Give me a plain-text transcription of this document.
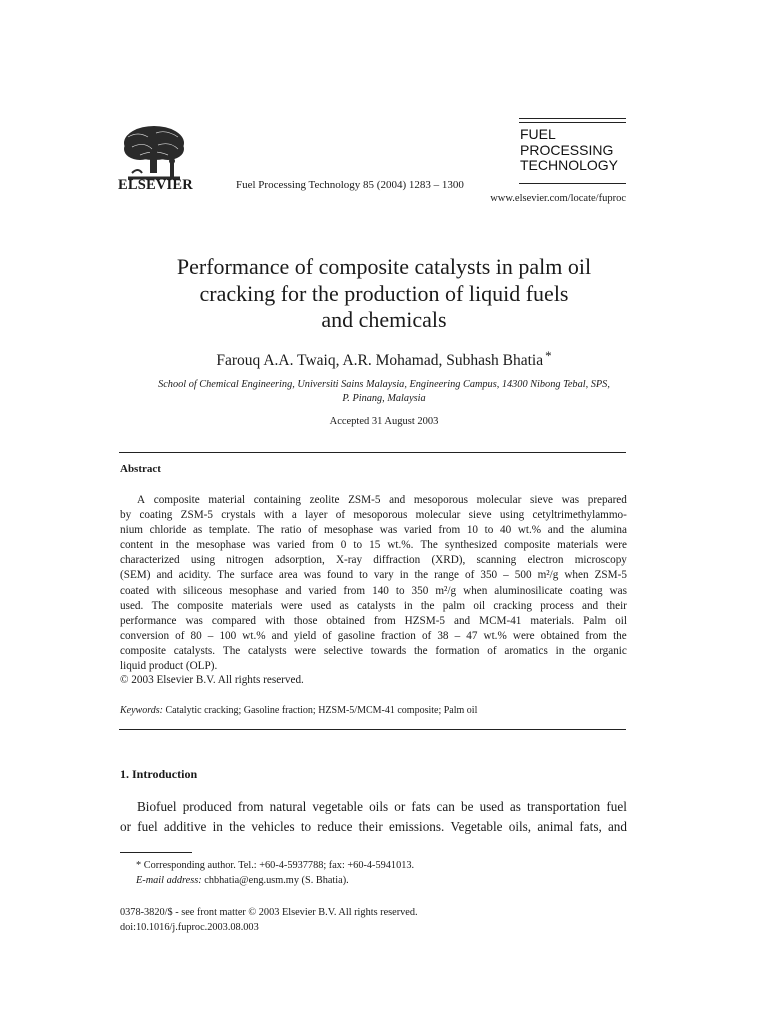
ELSEVIER	Fuel Processing Technology 85 (2004) 1283 – 1300
FUEL
PROCESSING
TECHNOLOGY
www.elsevier.com/locate/fuproc
Performance of composite catalysts in palm oil
cracking for the production of liquid fuels
and chemicals
Farouq A.A. Twaiq, A.R. Mohamad, Subhash Bhatia *
School of Chemical Engineering, Universiti Sains Malaysia, Engineering Campus, 14300 Nibong Tebal, SPS,
P. Pinang, Malaysia
Accepted 31 August 2003
Abstract
A composite material containing zeolite ZSM-5 and mesoporous molecular sieve was prepared
by coating ZSM-5 crystals with a layer of mesoporous molecular sieve using cetyltrimethylammo-
nium chloride as template. The ratio of mesophase was varied from 10 to 40 wt.% and the alumina
content in the mesophase was varied from 0 to 15 wt.%. The synthesized composite materials were
characterized using nitrogen adsorption, X-ray diffraction (XRD), scanning electron microscopy
(SEM) and acidity. The surface area was found to vary in the range of 350 – 500 m²/g when ZSM-5
coated with siliceous mesophase and varied from 140 to 350 m²/g when aluminosilicate coating was
used. The composite materials were used as catalysts in the palm oil cracking process and their
performance was compared with those obtained from HZSM-5 and MCM-41 materials. Palm oil
conversion of 80 – 100 wt.% and yield of gasoline fraction of 38 – 47 wt.% were obtained from the
composite catalysts. The catalysts were selective towards the formation of aromatics in the organic
liquid product (OLP).
© 2003 Elsevier B.V. All rights reserved.
Keywords: Catalytic cracking; Gasoline fraction; HZSM-5/MCM-41 composite; Palm oil
1. Introduction
Biofuel produced from natural vegetable oils or fats can be used as transportation fuel
or fuel additive in the vehicles to reduce their emissions. Vegetable oils, animal fats, and
* Corresponding author. Tel.: +60-4-5937788; fax: +60-4-5941013.
E-mail address: chbhatia@eng.usm.my (S. Bhatia).
0378-3820/$ - see front matter © 2003 Elsevier B.V. All rights reserved.
doi:10.1016/j.fuproc.2003.08.003
